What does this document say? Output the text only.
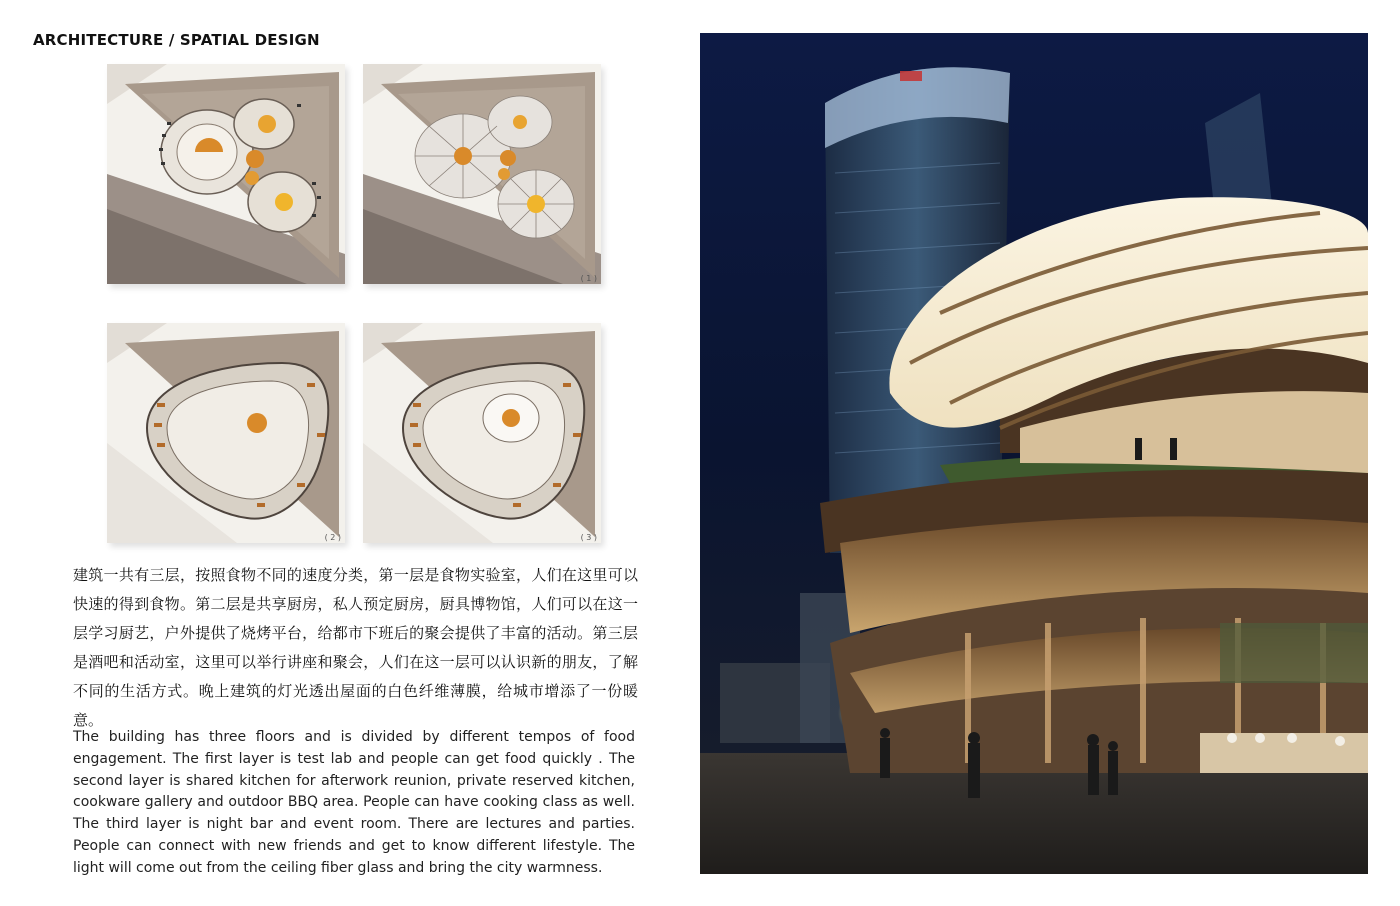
ARCHITECTURE / SPATIAL DESIGN
( 1 )
( 2 )	( 3 )

建筑一共有三层，按照食物不同的速度分类，第一层是食物实验室，人们在这里可以快速的得到食物。第二层是共享厨房，私人预定厨房，厨具博物馆，人们可以在这一层学习厨艺，户外提供了烧烤平台，给都市下班后的聚会提供了丰富的活动。第三层是酒吧和活动室，这里可以举行讲座和聚会，人们在这一层可以认识新的朋友，了解不同的生活方式。晚上建筑的灯光透出屋面的白色纤维薄膜，给城市增添了一份暖意。

The building has three floors and is divided by different tempos of food engagement. The first layer is test lab and people can get food quickly . The second layer is shared kitchen for afterwork reunion, private reserved kitchen, cookware gallery and outdoor BBQ area. People can have cooking class as well. The third layer is night bar and event room. There are lectures and parties. People can connect with new friends and get to know different lifestyle. The light will come out from the ceiling fiber glass and bring the city warmness.
